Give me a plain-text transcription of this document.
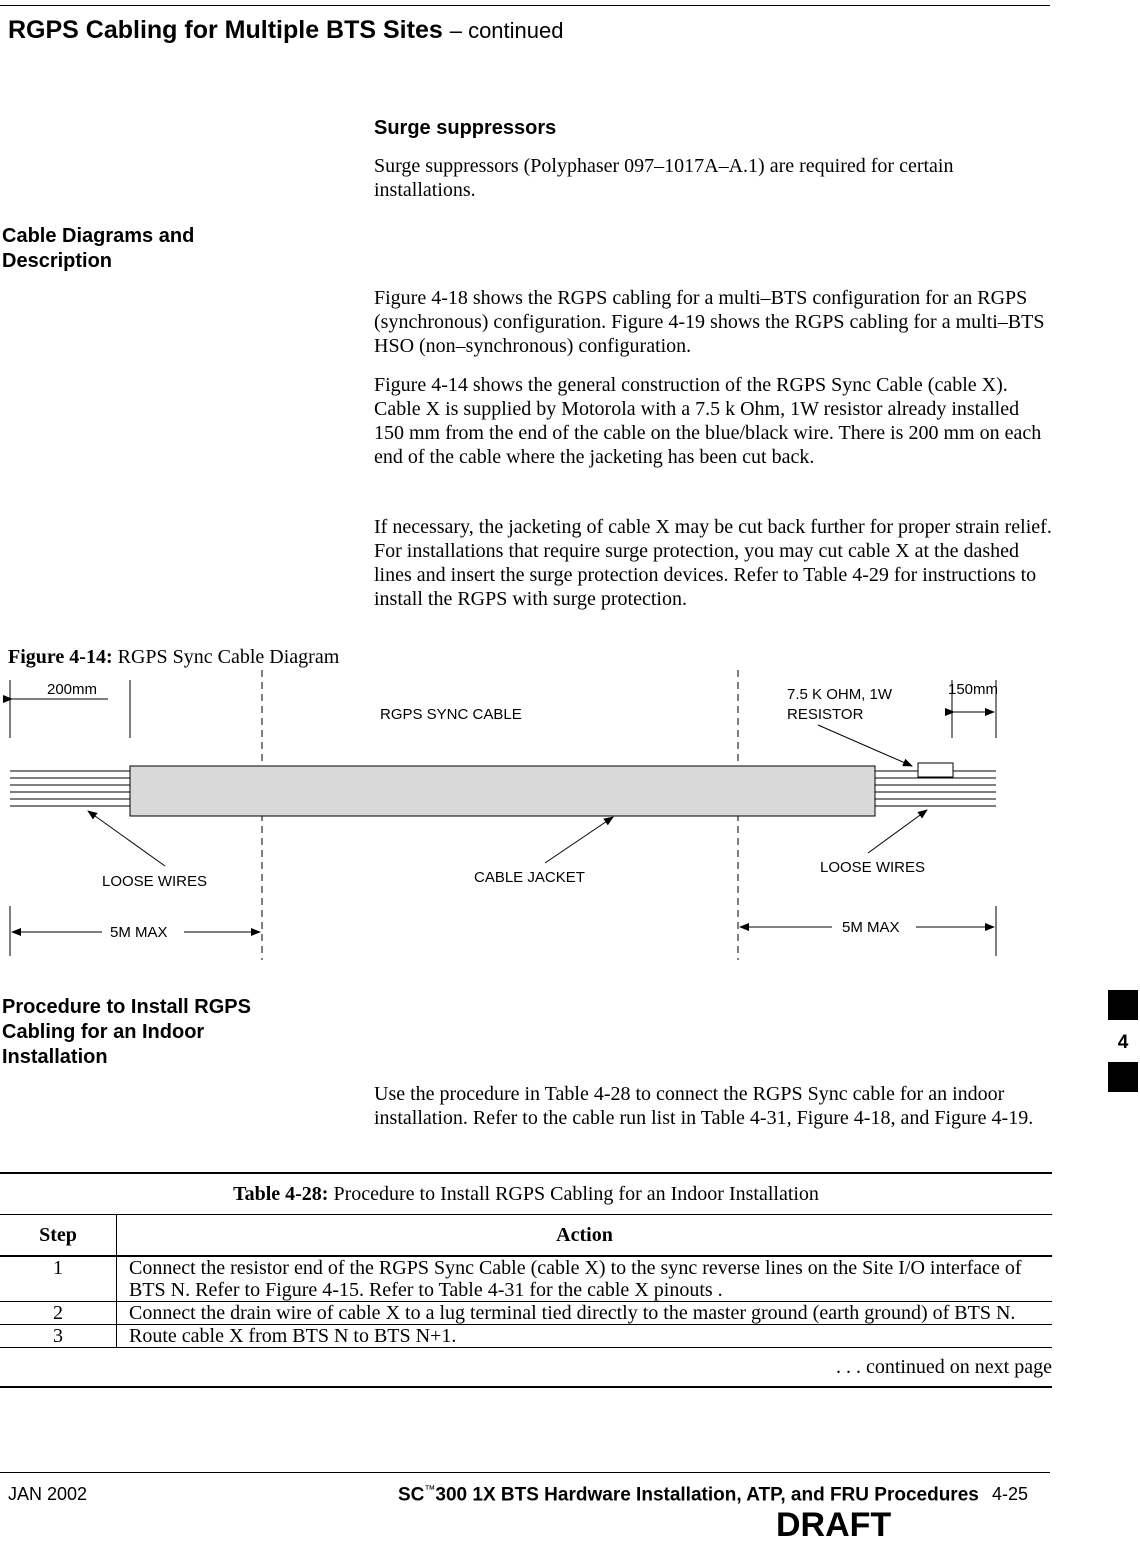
RGPS Cabling for Multiple BTS Sites – continued
Surge suppressors

Surge suppressors (Polyphaser 097–1017A–A.1) are required for certain installations.

Cable Diagrams and Description

Figure 4-18 shows the RGPS cabling for a multi–BTS configuration for an RGPS (synchronous) configuration. Figure 4-19 shows the RGPS cabling for a multi–BTS HSO (non–synchronous) configuration.

Figure 4-14 shows the general construction of the RGPS Sync Cable (cable X). Cable X is supplied by Motorola with a 7.5 k Ohm, 1W resistor already installed 150 mm from the end of the cable on the blue/black wire. There is 200 mm on each end of the cable where the jacketing has been cut back.

If necessary, the jacketing of cable X may be cut back further for proper strain relief. For installations that require surge protection, you may cut cable X at the dashed lines and insert the surge protection devices. Refer to Table 4-29 for instructions to install the RGPS with surge protection.

Figure 4-14: RGPS Sync Cable Diagram
200mm	150mm
RGPS SYNC CABLE
7.5 K OHM, 1W
RESISTOR
LOOSE WIRES	CABLE JACKET
LOOSE WIRES
5M MAX	5M MAX
Procedure to Install RGPS Cabling for an Indoor Installation

Use the procedure in Table 4-28 to connect the RGPS Sync cable for an indoor installation. Refer to the cable run list in Table 4-31, Figure 4-18, and Figure 4-19.

Table 4-28: Procedure to Install RGPS Cabling for an Indoor Installation	
Step	Action
1	Connect the resistor end of the RGPS Sync Cable (cable X) to the sync reverse lines on the Site I/O interface of BTS N. Refer to Figure 4-15. Refer to Table 4-31 for the cable X pinouts .
2	Connect the drain wire of cable X to a lug terminal tied directly to the master ground (earth ground) of BTS N.
3	Route cable X from BTS N to BTS N+1.
. . . continued on next page	
4
JAN 2002	SC™300 1X BTS Hardware Installation, ATP, and FRU Procedures 4-25
DRAFT
